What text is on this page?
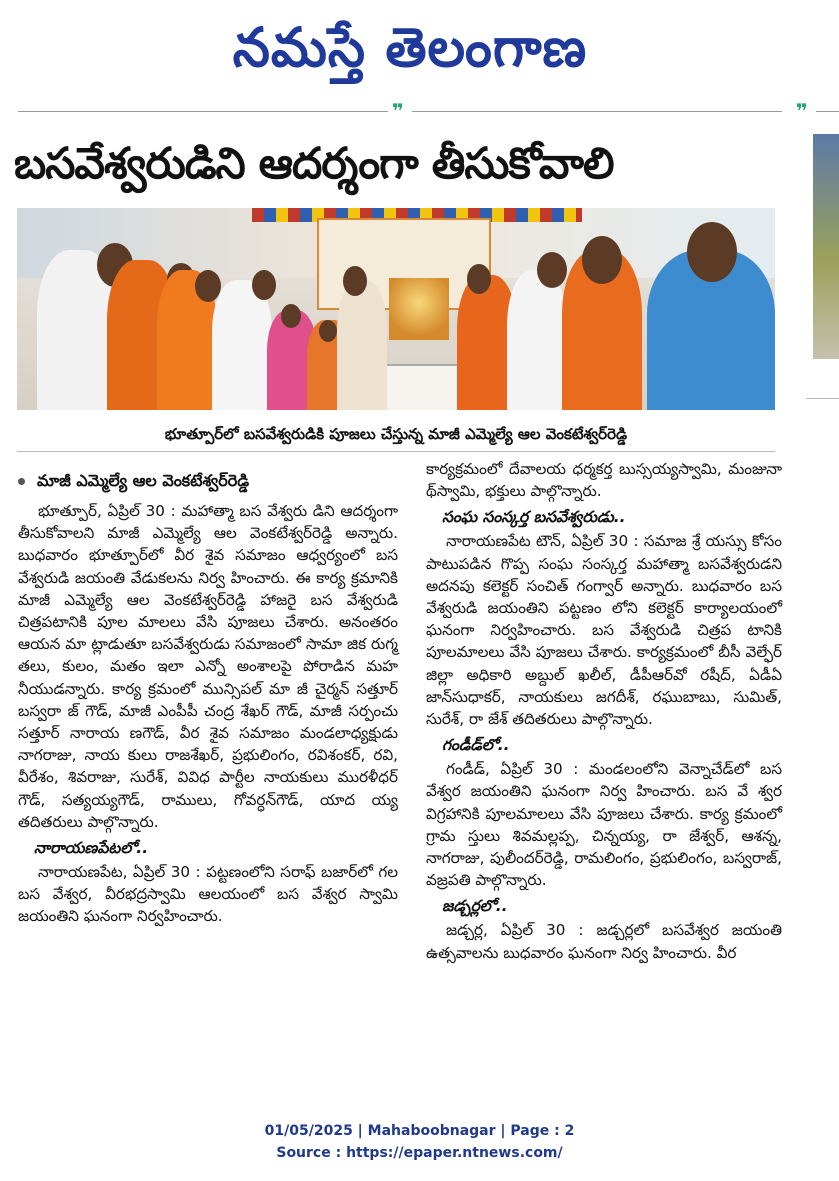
నమస్తే తెలంగాణ
❞	❞
బసవేశ్వరుడిని ఆదర్శంగా తీసుకోవాలి
భూత్పూర్‌లో బసవేశ్వరుడికి పూజలు చేస్తున్న మాజీ ఎమ్మెల్యే ఆల వెంకటేశ్వర్‌రెడ్డి
మాజీ ఎమ్మెల్యే ఆల వెంకటేశ్వర్‌రెడ్డి

భూత్పూర్, ఏప్రిల్ 30 : మహాత్మా బస వేశ్వరు డిని ఆదర్శంగా తీసుకోవాలని మాజీ ఎమ్మెల్యే ఆల వెంకటేశ్వర్‌రెడ్డి అన్నారు. బుధవారం భూత్పూర్‌లో వీర శైవ సమాజం ఆధ్వర్యంలో బస వేశ్వరుడి జయంతి వేడుకలను నిర్వ హించారు. ఈ కార్య క్రమానికి మాజీ ఎమ్మెల్యే ఆల వెంకటేశ్వర్‌రెడ్డి హాజరై బస వేశ్వరుడి చిత్రపటానికి పూల మాలలు వేసి పూజలు చేశారు. అనంతరం ఆయన మా ట్లాడుతూ బసవేశ్వరుడు సమాజంలో సామా జిక రుగ్మ తలు, కులం, మతం ఇలా ఎన్నో అంశాలపై పోరాడిన మహ నీయుడన్నారు. కార్య క్రమంలో మున్సిపల్ మా జీ చైర్మన్ సత్తూర్ బస్వరా జ్ గౌడ్, మాజీ ఎంపీపీ చంద్ర శేఖర్ గౌడ్, మాజీ సర్పంచు సత్తూర్ నారాయ ణగౌడ్, వీర శైవ సమాజం మండలాధ్యక్షుడు నాగరాజు, నాయ కులు రాజశేఖర్, ప్రభులింగం, రవిశంకర్, రవి, వీరేశం, శివరాజు, సురేశ్, వివిధ పార్టీల నాయకులు మురళీధర్ గౌడ్, సత్యయ్యగౌడ్, రాములు, గోవర్ధన్‌గౌడ్, యాద య్య తదితరులు పాల్గొన్నారు.

నారాయణపేటలో..

నారాయణపేట, ఏప్రిల్ 30 : పట్టణంలోని సరాఫ్ బజార్‌లో గల బస వేశ్వర, వీరభద్రస్వామి ఆలయంలో బస వేశ్వర స్వామి జయంతిని ఘనంగా నిర్వహించారు.

కార్యక్రమంలో దేవాలయ ధర్మకర్త బుస్సయ్యస్వామి, మంజునా థ్‌స్వామి, భక్తులు పాల్గొన్నారు.

సంఘ సంస్కర్త బసవేశ్వరుడు..

నారాయణపేట టౌన్, ఏప్రిల్ 30 : సమాజ శ్రే యస్సు కోసం పాటుపడిన గొప్ప సంఘ సంస్కర్త మహాత్మా బసవేశ్వరుడని అదనపు కలెక్టర్ సంచిత్ గంగ్వార్ అన్నారు. బుధవారం బస వేశ్వరుడి జయంతిని పట్టణం లోని కలెక్టర్ కార్యాలయంలో ఘనంగా నిర్వహించారు. బస వేశ్వరుడి చిత్రప టానికి పూలమాలలు వేసి పూజలు చేశారు. కార్యక్రమంలో బీసీ వెల్ఫేర్ జిల్లా అధికారి అబ్దుల్ ఖలీల్, డీపీఆర్‌వో రషీద్, ఏడీఏ జాన్‌సుధాకర్, నాయకులు జగదీశ్, రఘుబాబు, సుమిత్, సురేశ్, రా జేశ్ తదితరులు పాల్గొన్నారు.

గండీడ్‌లో..

గండీడ్, ఏప్రిల్ 30 : మండలంలోని వెన్నాచేడ్‌లో బస వేశ్వర జయంతిని ఘనంగా నిర్వ హించారు. బస వే శ్వర విగ్రహానికి పూలమాలలు వేసి పూజలు చేశారు. కార్య క్రమంలో గ్రామ స్తులు శివమల్లప్ప, చిన్నయ్య, రా జేశ్వర్, ఆశన్న, నాగరాజు, పులీందర్‌రెడ్డి, రామలింగం, ప్రభులింగం, బస్వరాజ్, వజ్రపతి పాల్గొన్నారు.

జడ్చర్లలో..

జడ్చర్ల, ఏప్రిల్ 30 : జడ్చర్లలో బసవేశ్వర జయంతి ఉత్సవాలను బుధవారం ఘనంగా నిర్వ హించారు. వీర

01/05/2025 | Mahaboobnagar | Page : 2
Source : https://epaper.ntnews.com/
